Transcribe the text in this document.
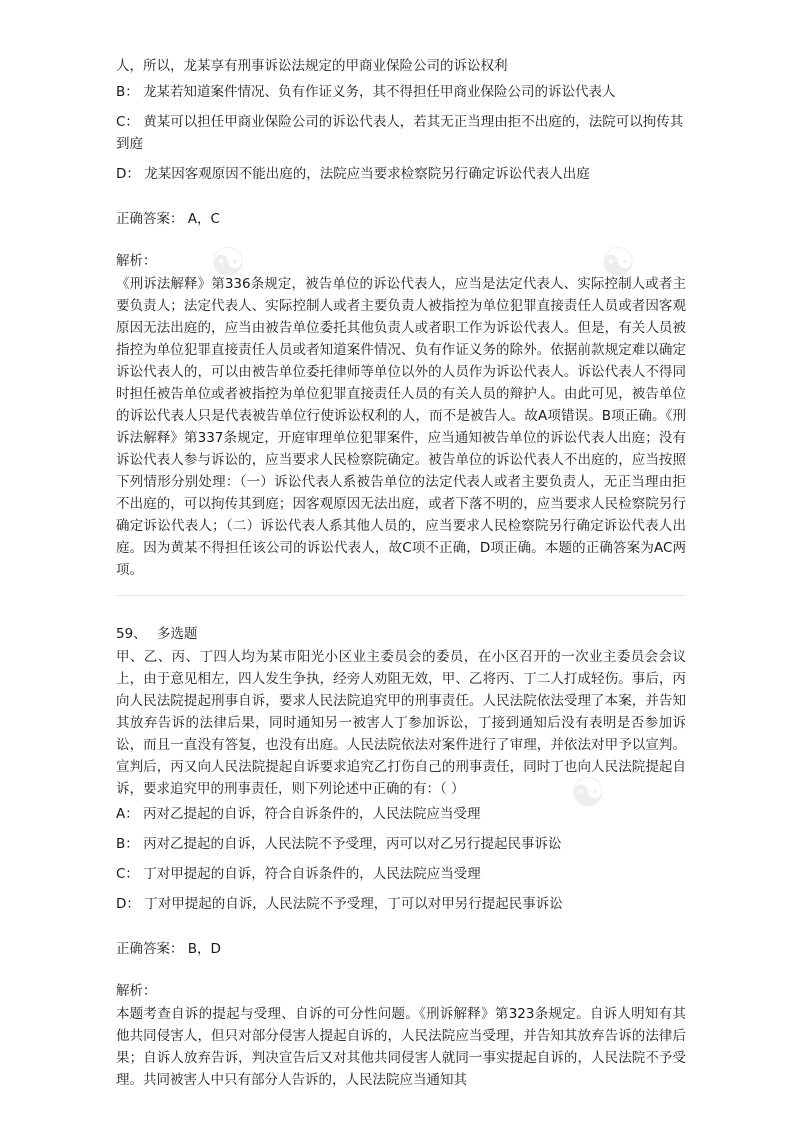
人，所以，龙某享有刑事诉讼法规定的甲商业保险公司的诉讼权利

B： 龙某若知道案件情况、负有作证义务，其不得担任甲商业保险公司的诉讼代表人

C： 黄某可以担任甲商业保险公司的诉讼代表人，若其无正当理由拒不出庭的，法院可以拘传其到庭

D： 龙某因客观原因不能出庭的，法院应当要求检察院另行确定诉讼代表人出庭

正确答案： A，C

解析：

《刑诉法解释》第336条规定，被告单位的诉讼代表人，应当是法定代表人、实际控制人或者主要负责人；法定代表人、实际控制人或者主要负责人被指控为单位犯罪直接责任人员或者因客观原因无法出庭的，应当由被告单位委托其他负责人或者职工作为诉讼代表人。但是，有关人员被指控为单位犯罪直接责任人员或者知道案件情况、负有作证义务的除外。依据前款规定难以确定诉讼代表人的，可以由被告单位委托律师等单位以外的人员作为诉讼代表人。诉讼代表人不得同时担任被告单位或者被指控为单位犯罪直接责任人员的有关人员的辩护人。由此可见，被告单位的诉讼代表人只是代表被告单位行使诉讼权利的人，而不是被告人。故A项错误。B项正确。《刑诉法解释》第337条规定，开庭审理单位犯罪案件，应当通知被告单位的诉讼代表人出庭；没有诉讼代表人参与诉讼的，应当要求人民检察院确定。被告单位的诉讼代表人不出庭的，应当按照下列情形分别处理：（一）诉讼代表人系被告单位的法定代表人或者主要负责人，无正当理由拒不出庭的，可以拘传其到庭；因客观原因无法出庭，或者下落不明的，应当要求人民检察院另行确定诉讼代表人；（二）诉讼代表人系其他人员的，应当要求人民检察院另行确定诉讼代表人出庭。因为黄某不得担任该公司的诉讼代表人，故C项不正确，D项正确。本题的正确答案为AC两项。

59、 多选题

甲、乙、丙、丁四人均为某市阳光小区业主委员会的委员，在小区召开的一次业主委员会会议上，由于意见相左，四人发生争执，经旁人劝阻无效，甲、乙将丙、丁二人打成轻伤。事后，丙向人民法院提起刑事自诉，要求人民法院追究甲的刑事责任。人民法院依法受理了本案，并告知其放弃告诉的法律后果，同时通知另一被害人丁参加诉讼，丁接到通知后没有表明是否参加诉讼，而且一直没有答复，也没有出庭。人民法院依法对案件进行了审理，并依法对甲予以宣判。宣判后，丙又向人民法院提起自诉要求追究乙打伤自己的刑事责任，同时丁也向人民法院提起自诉，要求追究甲的刑事责任，则下列论述中正确的有：（ ）

A： 丙对乙提起的自诉，符合自诉条件的，人民法院应当受理

B： 丙对乙提起的自诉，人民法院不予受理，丙可以对乙另行提起民事诉讼

C： 丁对甲提起的自诉，符合自诉条件的，人民法院应当受理

D： 丁对甲提起的自诉，人民法院不予受理，丁可以对甲另行提起民事诉讼

正确答案： B，D

解析：

本题考查自诉的提起与受理、自诉的可分性问题。《刑诉解释》第323条规定。自诉人明知有其他共同侵害人，但只对部分侵害人提起自诉的，人民法院应当受理，并告知其放弃告诉的法律后果；自诉人放弃告诉，判决宣告后又对其他共同侵害人就同一事实提起自诉的，人民法院不予受理。共同被害人中只有部分人告诉的，人民法院应当通知其

☯	☯
☯
